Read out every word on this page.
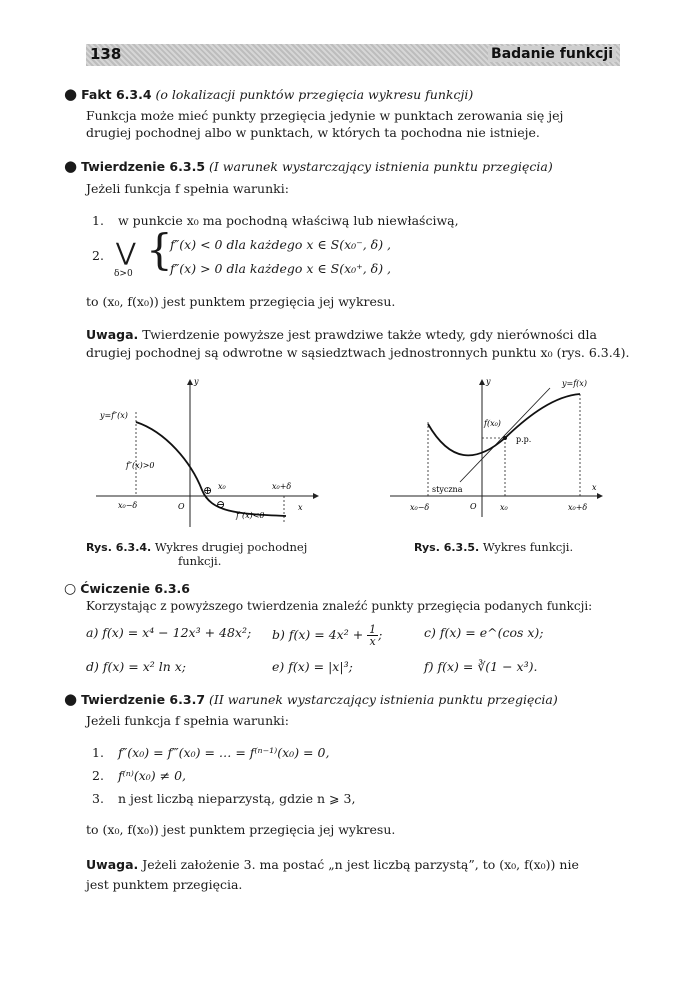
138	Badanie funkcji
● Fakt 6.3.4 (o lokalizacji punktów przegięcia wykresu funkcji)
Funkcja może mieć punkty przegięcia jedynie w punktach zerowania się jej
drugiej pochodnej albo w punktach, w których ta pochodna nie istnieje.
● Twierdzenie 6.3.5 (I warunek wystarczający istnienia punktu przegięcia)
Jeżeli funkcja f spełnia warunki:
1. w punkcie x₀ ma pochodną właściwą lub niewłaściwą,
2. ⋁
δ>0 {
f″(x) < 0 dla każdego x ∈ S(x₀⁻, δ) ,
f″(x) > 0 dla każdego x ∈ S(x₀⁺, δ) ,
to (x₀, f(x₀)) jest punktem przegięcia jej wykresu.
Uwaga. Twierdzenie powyższe jest prawdziwe także wtedy, gdy nierówności dla
drugiej pochodnej są odwrotne w sąsiedztwach jednostronnych punktu x₀ (rys. 6.3.4).
y
x
y=f″(x)
f″(x)>0
f″(x)<0
⊕
⊖
x₀	x₀+δ
x₀−δ	O
Rys. 6.3.4. Wykres drugiej pochodnej
funkcji.
y
x
y=f(x)
f(x₀)
p.p.
styczna
x₀
x₀−δ	x₀+δ
O
Rys. 6.3.5. Wykres funkcji.
○ Ćwiczenie 6.3.6
Korzystając z powyższego twierdzenia znaleźć punkty przegięcia podanych funkcji:
a) f(x) = x⁴ − 12x³ + 48x²; b) $f(x) = 4x^2 + \frac{1}{x}$ ;	c) f(x) = e^(cos x);
d) f(x) = x² ln x;	e) f(x) = |x|³;	f) f(x) = ∛(1 − x³).
● Twierdzenie 6.3.7 (II warunek wystarczający istnienia punktu przegięcia)
Jeżeli funkcja f spełnia warunki:
1. f″(x₀) = f‴(x₀) = … = f⁽ⁿ⁻¹⁾(x₀) = 0,
2. f⁽ⁿ⁾(x₀) ≠ 0,
3. n jest liczbą nieparzystą, gdzie n ⩾ 3,
to (x₀, f(x₀)) jest punktem przegięcia jej wykresu.
Uwaga. Jeżeli założenie 3. ma postać „n jest liczbą parzystą”, to (x₀, f(x₀)) nie
jest punktem przegięcia.
